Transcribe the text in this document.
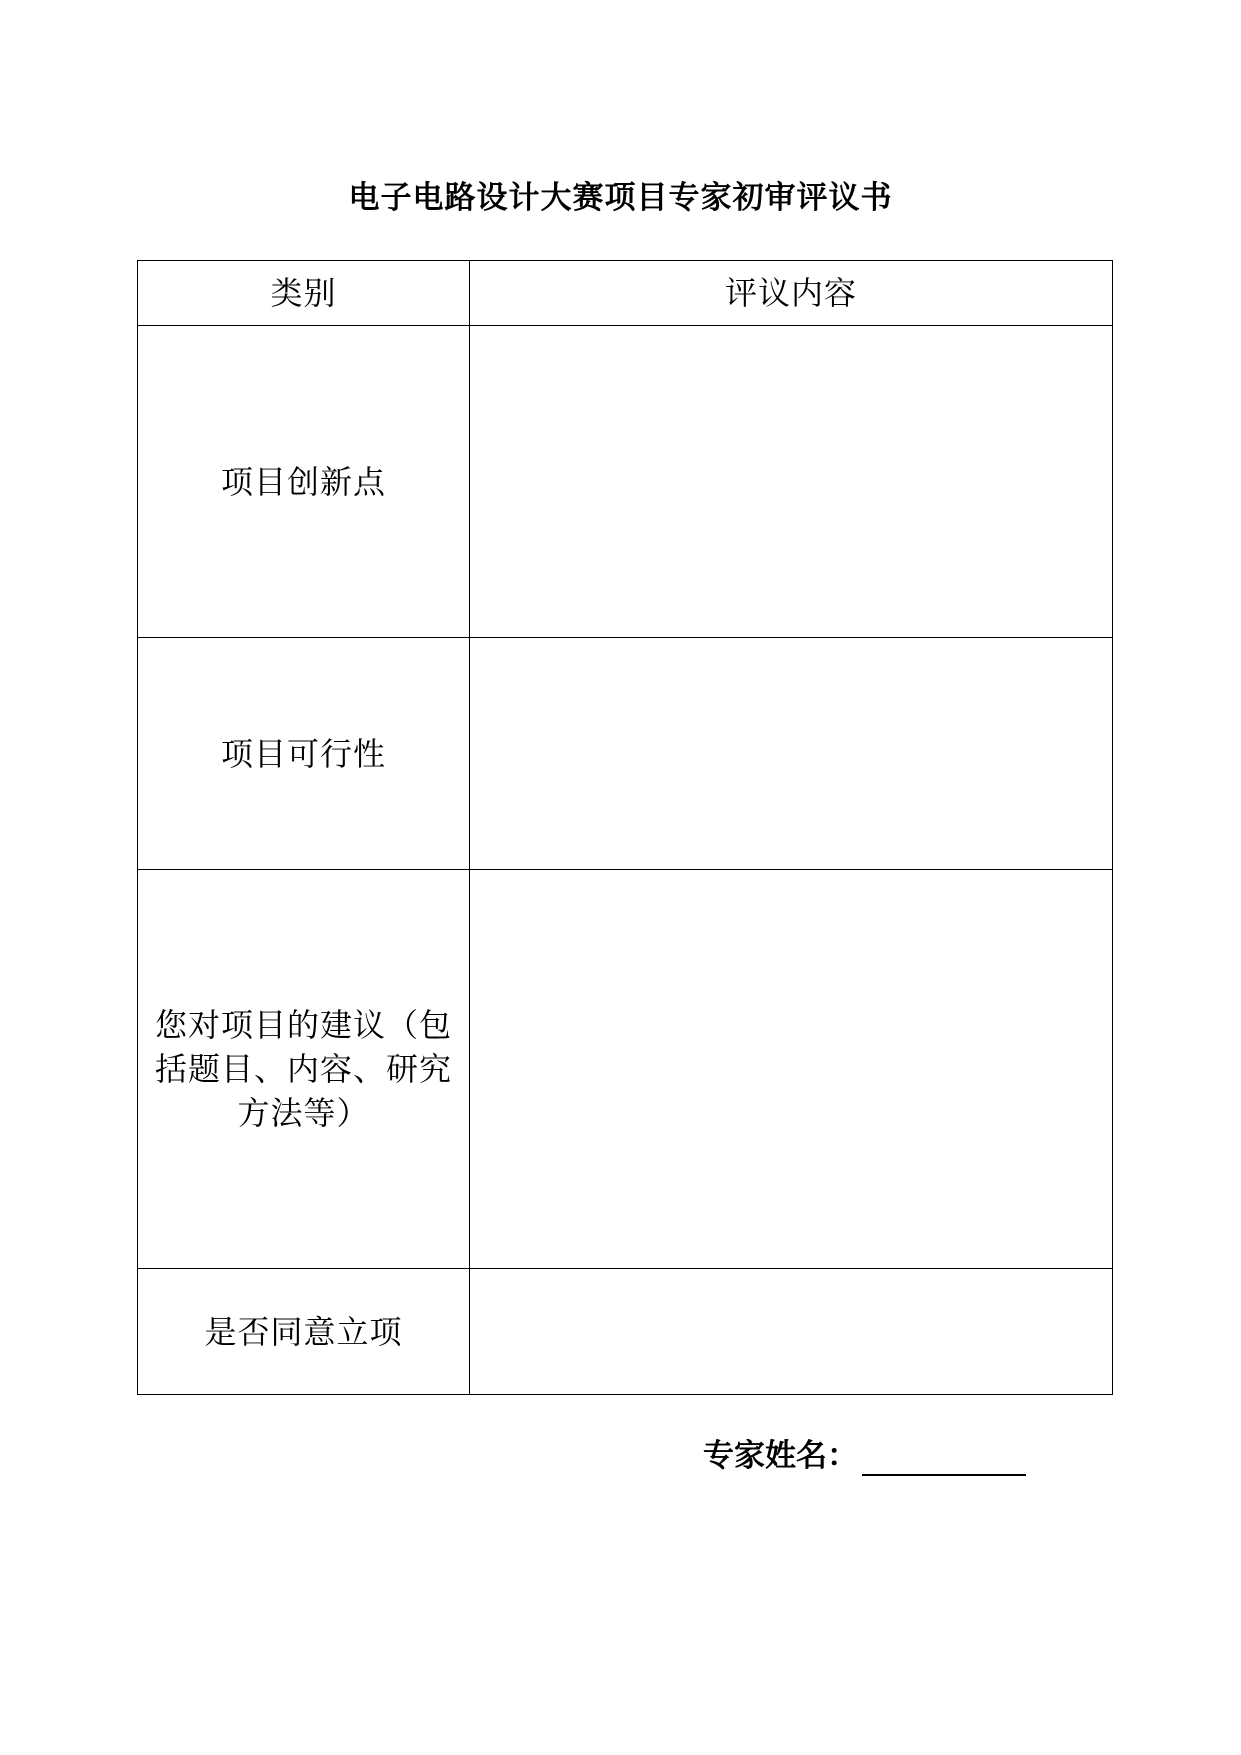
电子电路设计大赛项目专家初审评议书
类别	评议内容
项目创新点	
项目可行性	
您对项目的建议（包括题目、内容、研究方法等）	
是否同意立项	
专家姓名：
